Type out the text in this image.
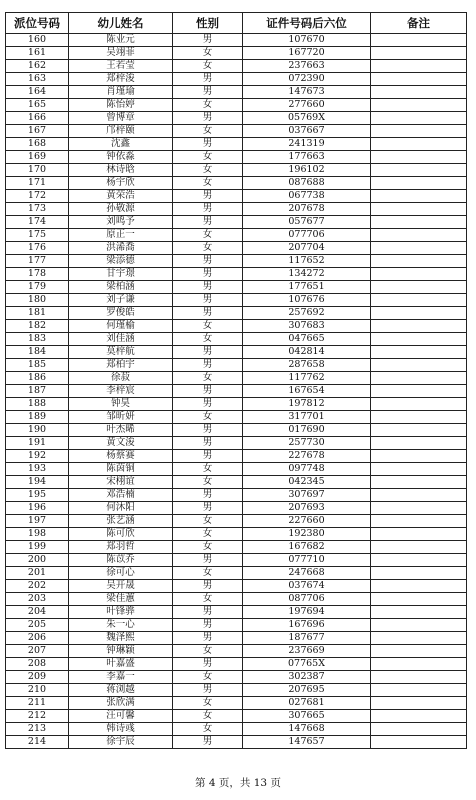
派位号码	幼儿姓名	性别	证件号码后六位	备注
160	陈业元	男	107670	
161	吴翊菲	女	167720	
162	王若莹	女	237663	
163	郑梓浚	男	072390	
164	肖瑾瑜	男	147673	
165	陈怡婷	女	277660	
166	曾博章	男	05769X	
167	邝梓颐	女	037667	
168	沈鑫	男	241319	
169	钟依淼	女	177663	
170	林诗晗	女	196102	
171	杨宇欣	女	087688	
172	黄荣浩	男	067738	
173	孙敬源	男	207678	
174	刘鸣予	男	057677	
175	原正一	女	077706	
176	洪浠喬	女	207704	
177	梁添德	男	117652	
178	甘宇璟	男	134272	
179	梁柏涵	男	177651	
180	刘子谦	男	107676	
181	罗俊皓	男	257692	
182	何瑾榆	女	307683	
183	刘佳涵	女	047665	
184	莫梓航	男	042814	
185	郑柏宇	男	287658	
186	徐菽	女	117762	
187	李梓宸	男	167654	
188	钟昊	男	197812	
189	邹昕妍	女	317701	
190	叶杰晞	男	017690	
191	黄文浚	男	257730	
192	杨蔡赛	男	227678	
193	陈茵铜	女	097748	
194	宋栩谊	女	042345	
195	邓浩楠	男	307697	
196	何沐阳	男	207693	
197	张艺涵	女	227660	
198	陈可欣	女	192380	
199	郑羽哲	女	167682	
200	陈苡乔	男	077710	
201	徐可心	女	247668	
202	吴开晟	男	037674	
203	梁佳蕙	女	087706	
204	叶锋骅	男	197694	
205	朱一心	男	167696	
206	魏泽熙	男	187677	
207	钟琳颖	女	237669	
208	叶嘉盛	男	07765X	
209	李嘉一	女	302387	
210	蒋浏越	男	207695	
211	张欣满	女	027681	
212	汪可馨	女	307665	
213	韩诗彧	女	147668	
214	徐宇辰	男	147657	
第 4 页，共 13 页
